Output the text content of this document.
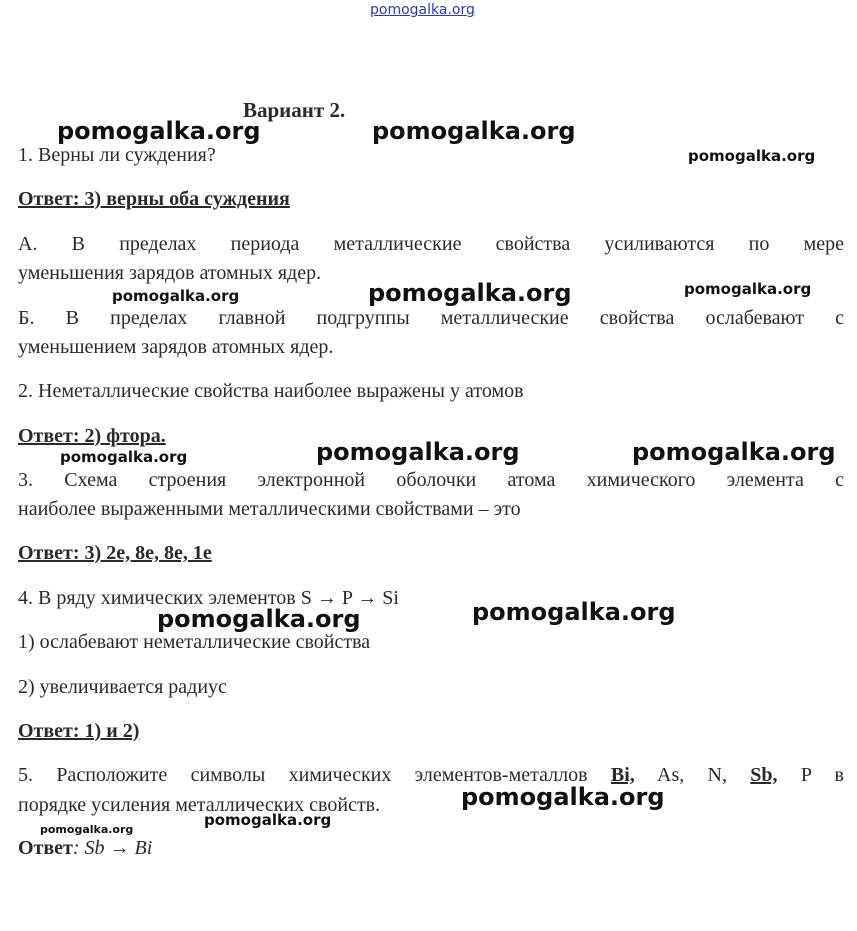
pomogalka.org
Вариант 2.
1. Верны ли суждения?
Ответ: 3) верны оба суждения
А. В пределах периода металлические свойства усиливаются по мере
уменьшения зарядов атомных ядер.
Б. В пределах главной подгруппы металлические свойства ослабевают с
уменьшением зарядов атомных ядер.
2. Неметаллические свойства наиболее выражены у атомов
Ответ: 2) фтора.
3. Схема строения электронной оболочки атома химического элемента с
наиболее выраженными металлическими свойствами – это
Ответ: 3) 2e, 8e, 8e, 1e
4. В ряду химических элементов S → P → Si
1) ослабевают неметаллические свойства
2) увеличивается радиус
Ответ: 1) и 2)
5. Расположите символы химических элементов-металлов Bi, As, N, Sb, P в
порядке усиления металлических свойств.
Ответ: Sb → Bi
pomogalka.org	pomogalka.org
pomogalka.org
pomogalka.org	pomogalka.org	pomogalka.org
pomogalka.org	pomogalka.org	pomogalka.org
pomogalka.org
pomogalka.org
pomogalka.org
pomogalka.org
pomogalka.org
